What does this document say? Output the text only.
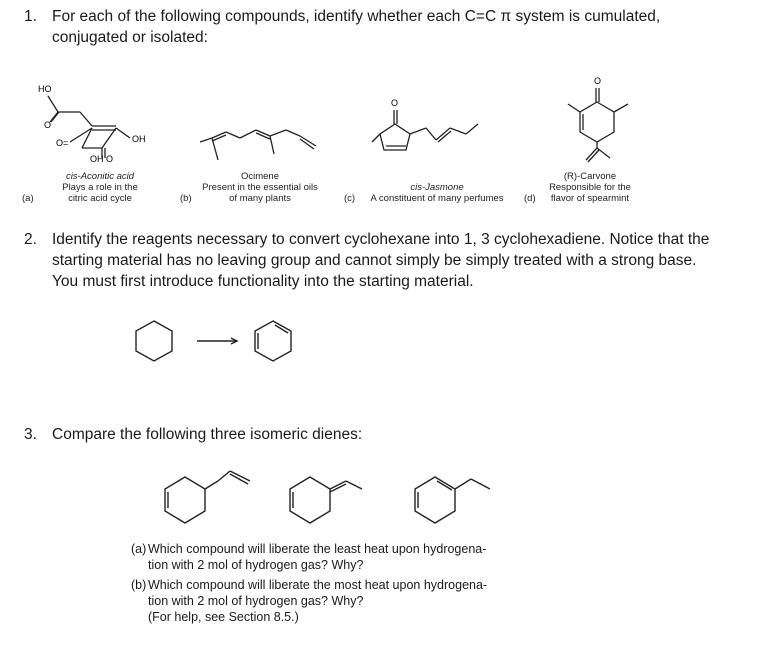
1. For each of the following compounds, identify whether each C=C π system is cumulated,
conjugated or isolated:
HO
O
O=	OH
OH O
cis-Aconitic acid
Plays a role in the
citric acid cycle
(a)
Ocimene
Present in the essential oils
of many plants
(b)
O
cis-Jasmone
A constituent of many perfumes
(c)
O
(R)-Carvone
Responsible for the
flavor of spearmint
(d)
2. Identify the reagents necessary to convert cyclohexane into 1, 3 cyclohexadiene. Notice that the
starting material has no leaving group and cannot simply be simply treated with a strong base.
You must first introduce functionality into the starting material.
3. Compare the following three isomeric dienes:
(a) Which compound will liberate the least heat upon hydrogena-
tion with 2 mol of hydrogen gas? Why?
(b) Which compound will liberate the most heat upon hydrogena-
tion with 2 mol of hydrogen gas? Why?
(For help, see Section 8.5.)
